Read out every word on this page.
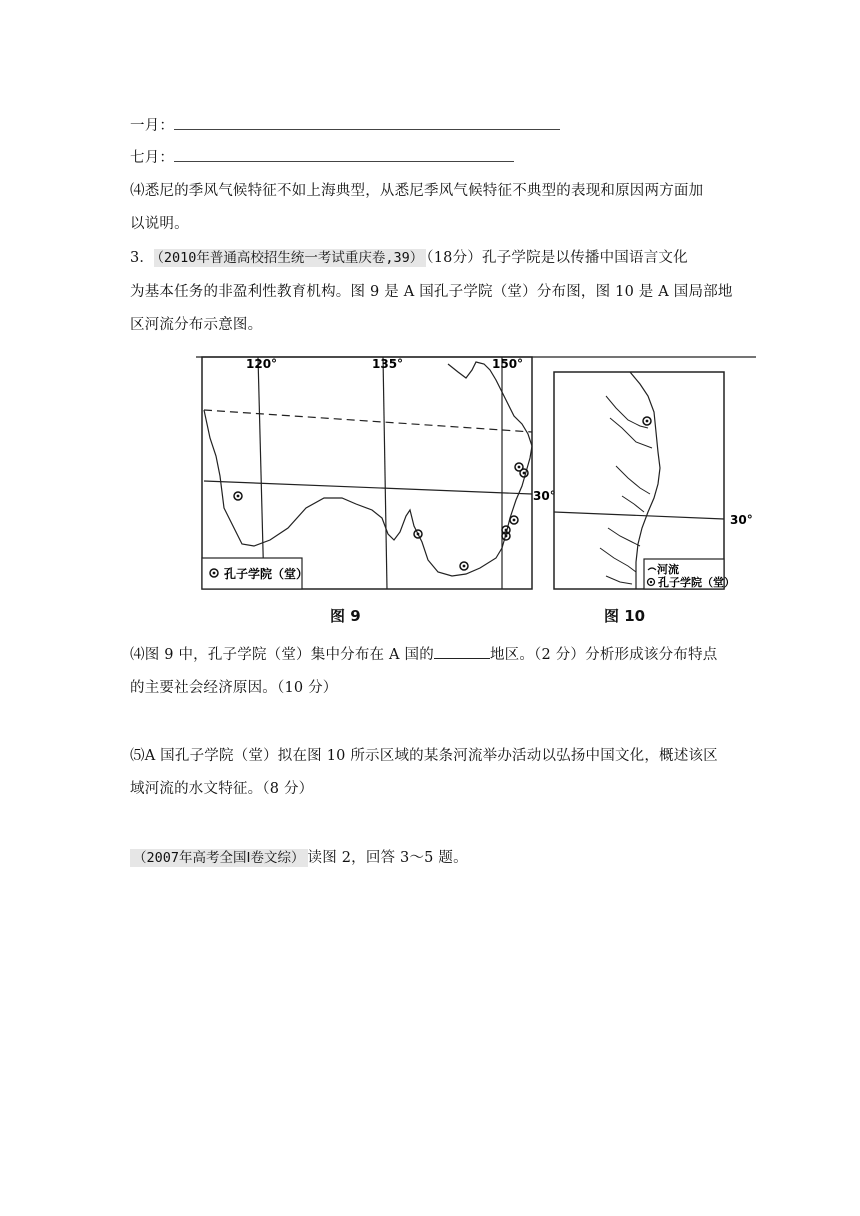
一月：
七月：
⑷悉尼的季风气候特征不如上海典型，从悉尼季风气候特征不典型的表现和原因两方面加
以说明。
3． （2010年普通高校招生统一考试重庆卷,39） （18分）孔子学院是以传播中国语言文化
为基本任务的非盈利性教育机构。图 9 是 A 国孔子学院（堂）分布图，图 10 是 A 国局部地
区河流分布示意图。
孔子学院（堂）
120°	135°	150°
30°
河流
孔子学院（堂）
30°
图 9	图 10
⑷图 9 中，孔子学院（堂）集中分布在 A 国的	地区。（2 分）分析形成该分布特点
的主要社会经济原因。（10 分）
⑸A 国孔子学院（堂）拟在图 10 所示区域的某条河流举办活动以弘扬中国文化，概述该区
域河流的水文特征。（8 分）
（2007年高考全国Ⅰ卷文综） 读图 2，回答 3～5 题。
